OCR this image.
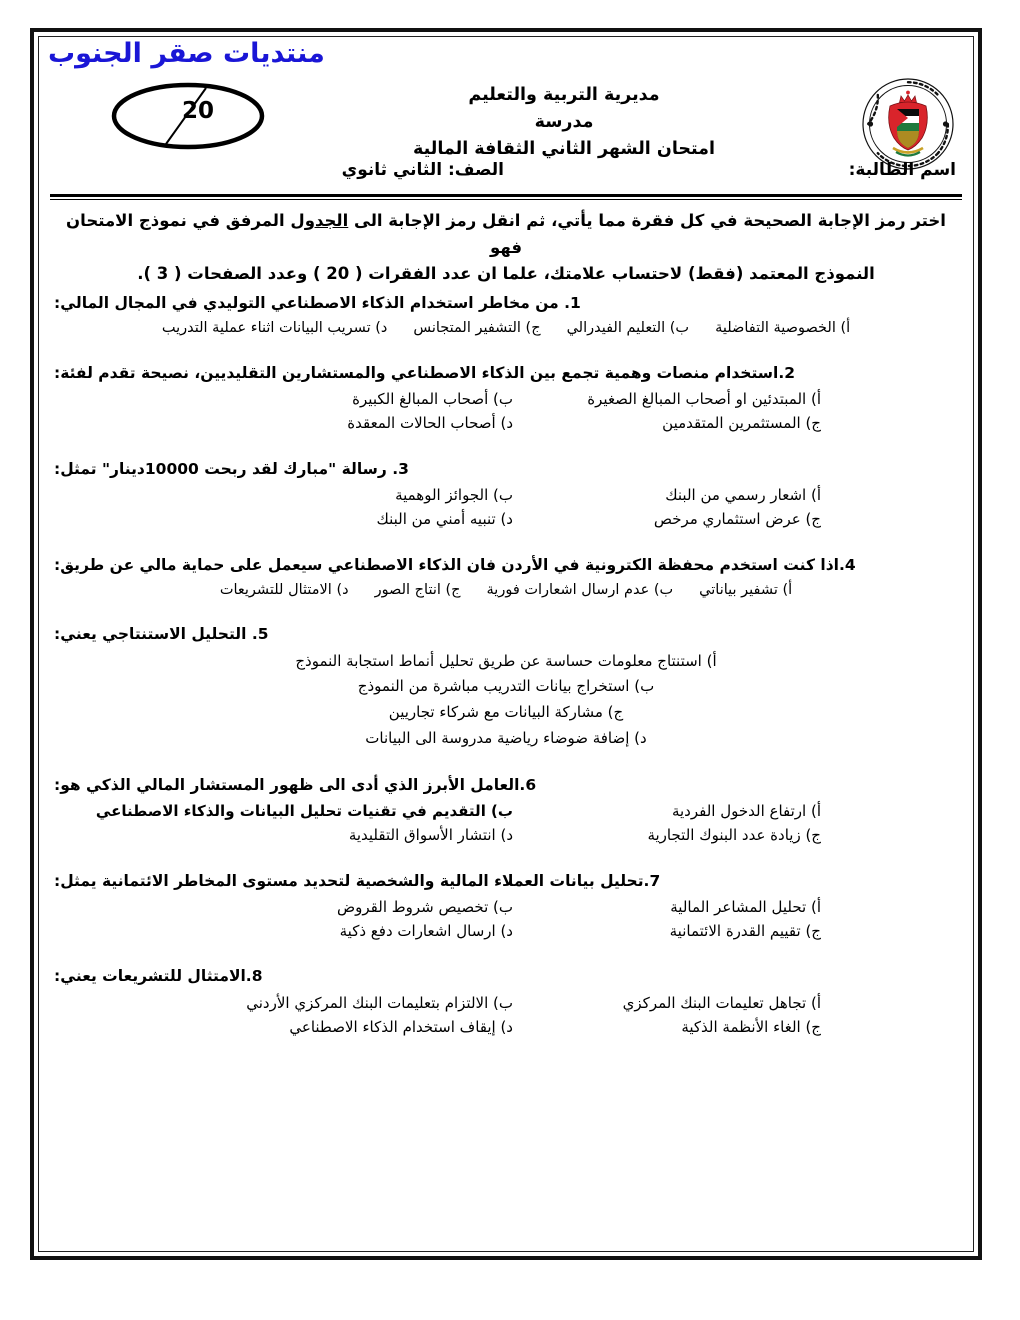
منتديات صقر الجنوب
20
مديرية التربية والتعليم
مدرسة
امتحان الشهر الثاني الثقافة المالية
اسم الطالبة:
الصف: الثاني ثانوي
اختر رمز الإجابة الصحيحة في كل فقرة مما يأتي، ثم انقل رمز الإجابة الى الجدول المرفق في نموذج الامتحان فهو
النموذج المعتمد (فقط) لاحتساب علامتك، علما ان عدد الفقرات ( 20 ) وعدد الصفحات ( 3 ).
1. من مخاطر استخدام الذكاء الاصطناعي التوليدي في المجال المالي:
أ) الخصوصية التفاضليةب) التعليم الفيدراليج) التشفير المتجانسد) تسريب البيانات اثناء عملية التدريب
2.استخدام منصات وهمية تجمع بين الذكاء الاصطناعي والمستشارين التقليديين، نصيحة تقدم لفئة:
أ) المبتدئين او أصحاب المبالغ الصغيرة
ب) أصحاب المبالغ الكبيرة
ج) المستثمرين المتقدمين
د) أصحاب الحالات المعقدة
3. رسالة "مبارك لقد ربحت 10000دينار" تمثل:
أ) اشعار رسمي من البنك
ب) الجوائز الوهمية
ج) عرض استثماري مرخص
د) تنبيه أمني من البنك
4.اذا كنت استخدم محفظة الكترونية في الأردن فان الذكاء الاصطناعي سيعمل على حماية مالي عن طريق:
أ) تشفير بياناتيب) عدم ارسال اشعارات فوريةج) انتاج الصورد) الامتثال للتشريعات
5. التحليل الاستنتاجي يعني:
أ) استنتاج معلومات حساسة عن طريق تحليل أنماط استجابة النموذج
ب) استخراج بيانات التدريب مباشرة من النموذج
ج) مشاركة البيانات مع شركاء تجاريين
د) إضافة ضوضاء رياضية مدروسة الى البيانات
6.العامل الأبرز الذي أدى الى ظهور المستشار المالي الذكي هو:
أ) ارتفاع الدخول الفردية
ب) التقديم في تقنيات تحليل البيانات والذكاء الاصطناعي
ج) زيادة عدد البنوك التجارية
د) انتشار الأسواق التقليدية
7.تحليل بيانات العملاء المالية والشخصية لتحديد مستوى المخاطر الائتمانية يمثل:
أ) تحليل المشاعر المالية
ب) تخصيص شروط القروض
ج) تقييم القدرة الائتمانية
د) ارسال اشعارات دفع ذكية
8.الامتثال للتشريعات يعني:
أ) تجاهل تعليمات البنك المركزي
ب) الالتزام بتعليمات البنك المركزي الأردني
ج) الغاء الأنظمة الذكية
د) إيقاف استخدام الذكاء الاصطناعي
